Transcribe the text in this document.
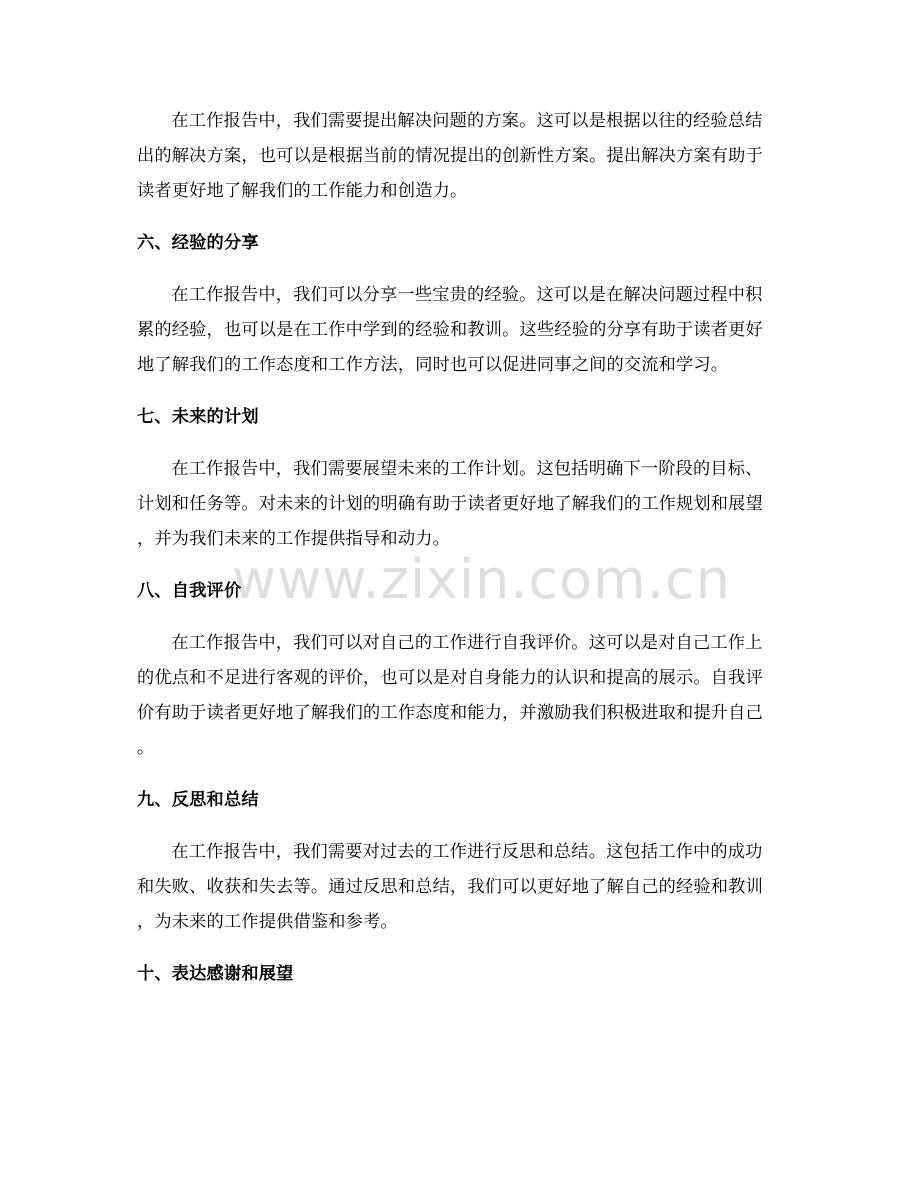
www.zixin.com.cn

在工作报告中，我们需要提出解决问题的方案。这可以是根据以往的经验总结
出的解决方案，也可以是根据当前的情况提出的创新性方案。提出解决方案有助于
读者更好地了解我们的工作能力和创造力。

六、经验的分享

在工作报告中，我们可以分享一些宝贵的经验。这可以是在解决问题过程中积
累的经验，也可以是在工作中学到的经验和教训。这些经验的分享有助于读者更好
地了解我们的工作态度和工作方法，同时也可以促进同事之间的交流和学习。

七、未来的计划

在工作报告中，我们需要展望未来的工作计划。这包括明确下一阶段的目标、
计划和任务等。对未来的计划的明确有助于读者更好地了解我们的工作规划和展望
，并为我们未来的工作提供指导和动力。

八、自我评价

在工作报告中，我们可以对自己的工作进行自我评价。这可以是对自己工作上
的优点和不足进行客观的评价，也可以是对自身能力的认识和提高的展示。自我评
价有助于读者更好地了解我们的工作态度和能力，并激励我们积极进取和提升自己
。

九、反思和总结

在工作报告中，我们需要对过去的工作进行反思和总结。这包括工作中的成功
和失败、收获和失去等。通过反思和总结，我们可以更好地了解自己的经验和教训
，为未来的工作提供借鉴和参考。

十、表达感谢和展望
